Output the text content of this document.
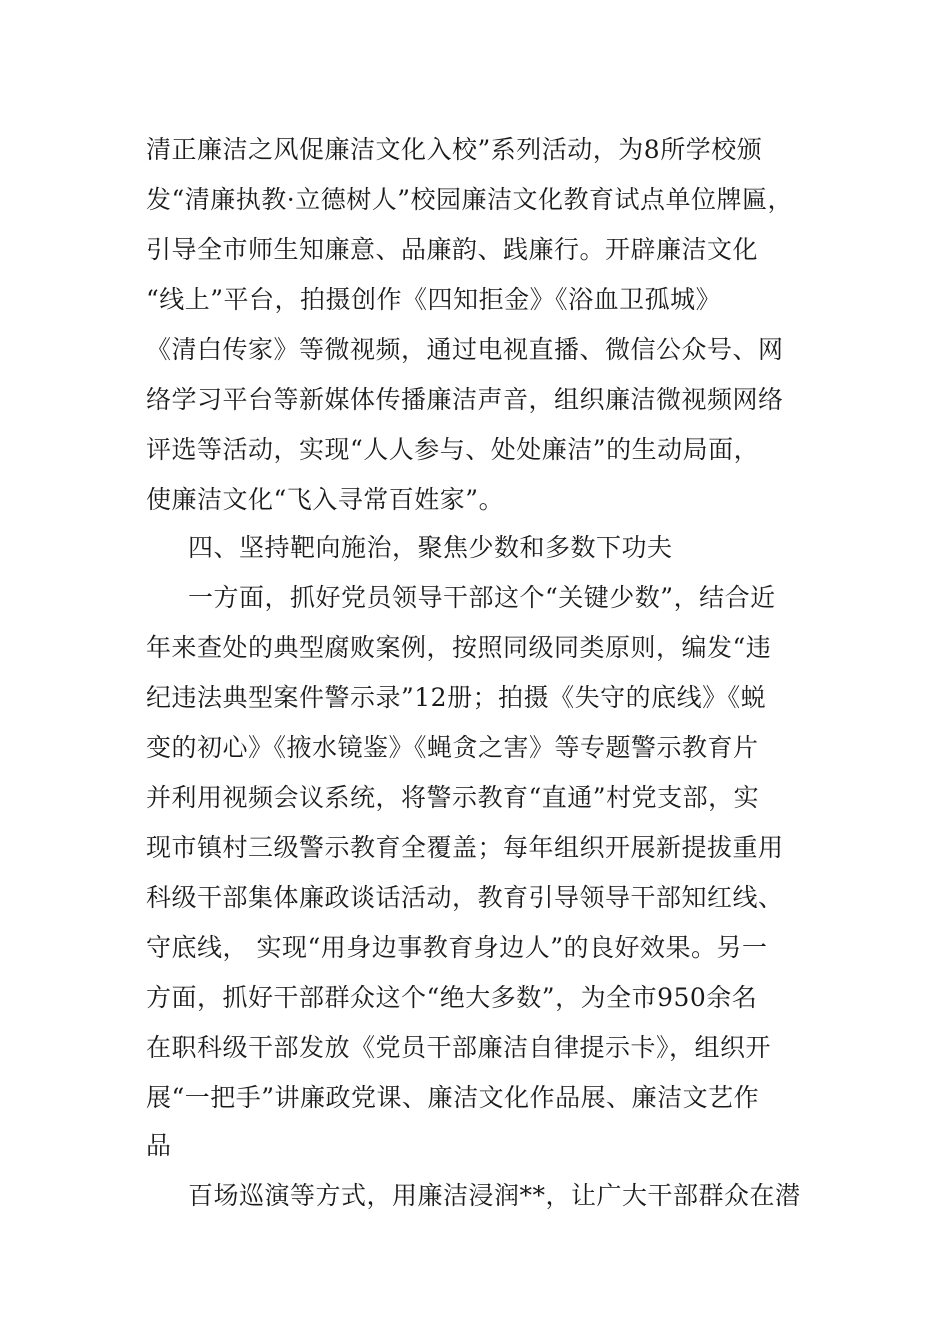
清正廉洁之风促廉洁文化入校”系列活动，为8所学校颁
发“清廉执教·立德树人”校园廉洁文化教育试点单位牌匾，
引导全市师生知廉意、品廉韵、践廉行。开辟廉洁文化
“线上”平台，拍摄创作《四知拒金》《浴血卫孤城》
《清白传家》等微视频，通过电视直播、微信公众号、网
络学习平台等新媒体传播廉洁声音，组织廉洁微视频网络
评选等活动，实现“人人参与、处处廉洁”的生动局面，
使廉洁文化“飞入寻常百姓家”。
四、坚持靶向施治，聚焦少数和多数下功夫
一方面，抓好党员领导干部这个“关键少数”，结合近
年来查处的典型腐败案例，按照同级同类原则，编发“违
纪违法典型案件警示录”12册；拍摄《失守的底线》《蜕
变的初心》《掖水镜鉴》《蝇贪之害》等专题警示教育片
并利用视频会议系统，将警示教育“直通”村党支部，实
现市镇村三级警示教育全覆盖；每年组织开展新提拔重用
科级干部集体廉政谈话活动，教育引导领导干部知红线、
守底线， 实现“用身边事教育身边人”的良好效果。另一
方面，抓好干部群众这个“绝大多数”，为全市950余名
在职科级干部发放《党员干部廉洁自律提示卡》，组织开
展“一把手”讲廉政党课、廉洁文化作品展、廉洁文艺作
品
百场巡演等方式，用廉洁浸润**，让广大干部群众在潜
